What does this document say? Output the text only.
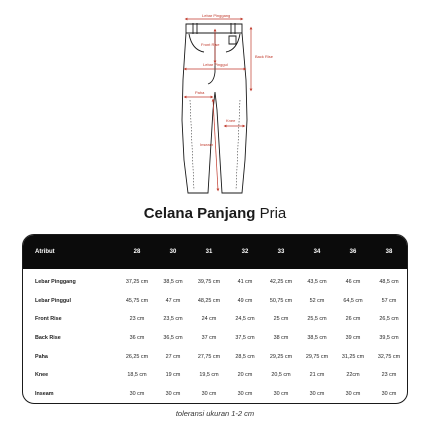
Lebar Pinggang
Front Rise
Lebar Pinggul
Back Rise
Paha
Knee
Inseam
Celana Panjang Pria
Atribut	28	30	31	32	33	34	36	38

Lebar Pinggang	37,25 cm	38,5 cm	39,75 cm	41 cm	42,25 cm	43,5 cm	46 cm	48,5 cm
Lebar Pinggul	45,75 cm	47 cm	48,25 cm	49 cm	50,75 cm	52 cm	64,5 cm	57 cm
Front Rise	23 cm	23,5 cm	24 cm	24,5 cm	25 cm	25,5 cm	26 cm	26,5 cm
Back Rise	36 cm	36,5 cm	37 cm	37,5 cm	38 cm	38,5 cm	39 cm	39,5 cm
Paha	26,25 cm	27 cm	27,75 cm	28,5 cm	29,25 cm	29,75 cm	31,25 cm	32,75 cm
Knee	18,5 cm	19 cm	19,5 cm	20 cm	20,5 cm	21 cm	22cm	23 cm
Inseam	30 cm	30 cm	30 cm	30 cm	30 cm	30 cm	30 cm	30 cm
toleransi ukuran 1-2 cm
